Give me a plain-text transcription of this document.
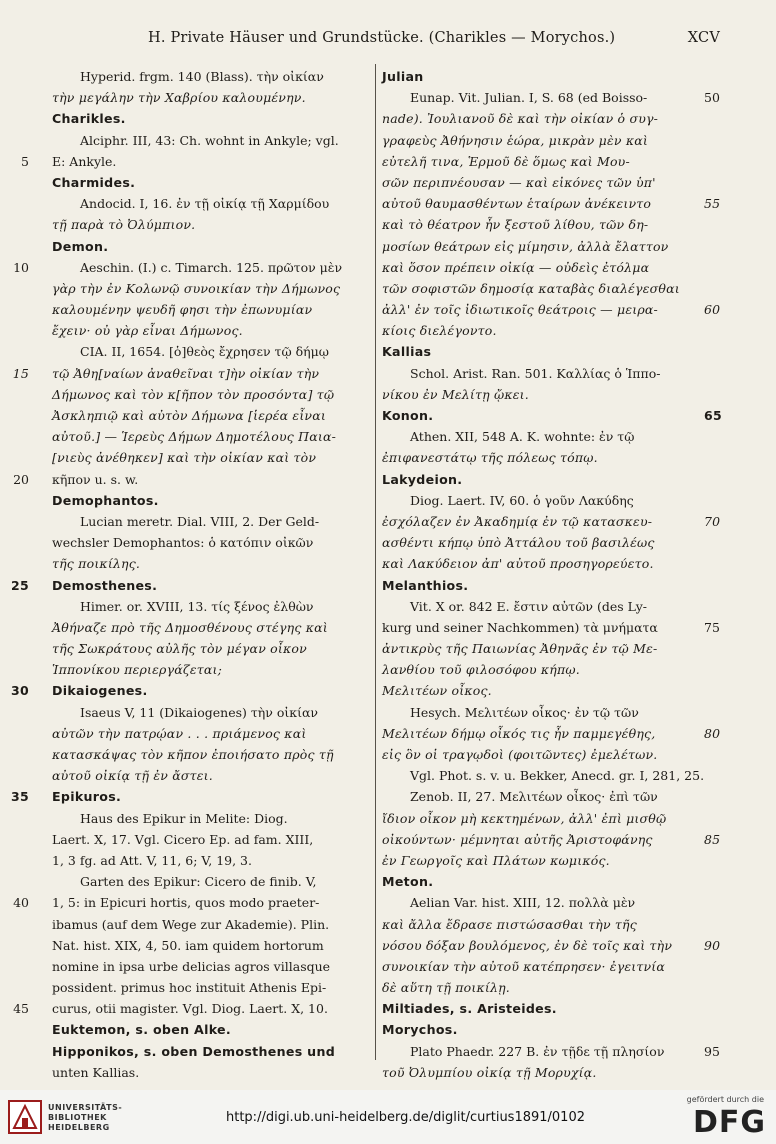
H. Private Häuser und Grundstücke. (Charikles — Morychos.)	XCV
Hyperid. frgm. 140 (Blass). τὴν οἰκίαν
τὴν μεγάλην τὴν Χαβρίου καλουμένην.
Charikles.
Alciphr. III, 43: Ch. wohnt in Ankyle; vgl.
E: Ankyle.
5
Charmides.
Andocid. I, 16. ἐν τῇ οἰκίᾳ τῇ Χαρμίδου
τῇ παρὰ τὸ Ὀλύμπιον.
Demon.
Aeschin. (I.) c. Timarch. 125. πρῶτον μὲν
10
γὰρ τὴν ἐν Κολωνῷ συνοικίαν τὴν Δήμωνος
καλουμένην ψευδῆ φησι τὴν ἐπωνυμίαν
ἔχειν· οὐ γὰρ εἶναι Δήμωνος.
CIA. II, 1654. [ὁ]θεὸς ἔχρησεν τῷ δήμῳ
τῷ Ἀθη[ναίων ἀναθεῖναι τ]ὴν οἰκίαν τὴν
15
Δήμωνος καὶ τὸν κ[ῆπον τὸν προσόντα] τῷ
Ἀσκληπιῷ καὶ αὐτὸν Δήμωνα [ἱερέα εἶναι
αὐτοῦ.] — Ἱερεὺς Δήμων Δημοτέλους Παια-
[νιεὺς ἀνέθηκεν] καὶ τὴν οἰκίαν καὶ τὸν
κῆπον u. s. w.
20
Demophantos.
Lucian meretr. Dial. VIII, 2. Der Geld-
wechsler Demophantos: ὁ κατόπιν οἰκῶν
τῆς ποικίλης.
Demosthenes.
25
Himer. or. XVIII, 13. τίς ξένος ἐλθὼν
Ἀθήναζε πρὸ τῆς Δημοσθένους στέγης καὶ
τῆς Σωκράτους αὐλῆς τὸν μέγαν οἶκον
Ἱππονίκου περιεργάζεται;
Dikaiogenes.
30
Isaeus V, 11 (Dikaiogenes) τὴν οἰκίαν
αὐτῶν τὴν πατρῴαν . . . πριάμενος καὶ
κατασκάψας τὸν κῆπον ἐποιήσατο πρὸς τῇ
αὐτοῦ οἰκίᾳ τῇ ἐν ἄστει.
Epikuros.
35
Haus des Epikur in Melite: Diog.
Laert. X, 17. Vgl. Cicero Ep. ad fam. XIII,
1, 3 fg. ad Att. V, 11, 6; V, 19, 3.
Garten des Epikur: Cicero de finib. V,
1, 5: in Epicuri hortis, quos modo praeter-
40
ibamus (auf dem Wege zur Akademie). Plin.
Nat. hist. XIX, 4, 50. iam quidem hortorum
nomine in ipsa urbe delicias agros villasque
possident. primus hoc instituit Athenis Epi-
curus, otii magister. Vgl. Diog. Laert. X, 10.
45
Euktemon, s. oben Alke.
Hipponikos, s. oben Demosthenes und
unten Kallias.
Julian
Eunap. Vit. Julian. I, S. 68 (ed Boisso-	50
nade). Ἰουλιανοῦ δὲ καὶ τὴν οἰκίαν ὁ συγ-
γραφεὺς Ἀθήνησιν ἑώρα, μικρὰν μὲν καὶ
εὐτελῆ τινα, Ἑρμοῦ δὲ ὅμως καὶ Μου-
σῶν περιπνέουσαν — καὶ εἰκόνες τῶν ὑπ'
αὐτοῦ θαυμασθέντων ἑταίρων ἀνέκειντο	55
καὶ τὸ θέατρον ἦν ξεστοῦ λίθου, τῶν δη-
μοσίων θεάτρων εἰς μίμησιν, ἀλλὰ ἔλαττον
καὶ ὅσον πρέπειν οἰκίᾳ — οὐδεὶς ἐτόλμα
τῶν σοφιστῶν δημοσίᾳ καταβὰς διαλέγεσθαι
ἀλλ' ἐν τοῖς ἰδιωτικοῖς θεάτροις — μειρα-	60
κίοις διελέγοντο.
Kallias
Schol. Arist. Ran. 501. Καλλίας ὁ Ἱππο-
νίκου ἐν Μελίτῃ ᾤκει.
Konon.	65
Athen. XII, 548 A. K. wohnte: ἐν τῷ
ἐπιφανεστάτῳ τῆς πόλεως τόπῳ.
Lakydeion.
Diog. Laert. IV, 60. ὁ γοῦν Λακύδης
ἐσχόλαζεν ἐν Ἀκαδημίᾳ ἐν τῷ κατασκευ-	70
ασθέντι κήπῳ ὑπὸ Ἀττάλου τοῦ βασιλέως
καὶ Λακύδειον ἀπ' αὐτοῦ προσηγορεύετο.
Melanthios.
Vit. X or. 842 E. ἔστιν αὐτῶν (des Ly-
kurg und seiner Nachkommen) τὰ μνήματα	75
ἀντικρὺς τῆς Παιωνίας Ἀθηνᾶς ἐν τῷ Με-
λανθίου τοῦ φιλοσόφου κήπῳ.
Μελιτέων οἶκος.
Hesych. Μελιτέων οἶκος· ἐν τῷ τῶν
Μελιτέων δήμῳ οἶκός τις ἦν παμμεγέθης,	80
εἰς ὃν οἱ τραγῳδοὶ (φοιτῶντες) ἐμελέτων.
Vgl. Phot. s. v. u. Bekker, Anecd. gr. I, 281, 25.
Zenob. II, 27. Μελιτέων οἶκος· ἐπὶ τῶν
ἴδιον οἶκον μὴ κεκτημένων, ἀλλ' ἐπὶ μισθῷ
οἰκούντων· μέμνηται αὐτῆς Ἀριστοφάνης	85
ἐν Γεωργοῖς καὶ Πλάτων κωμικός.
Meton.
Aelian Var. hist. XIII, 12. πολλὰ μὲν
καὶ ἄλλα ἔδρασε πιστώσασθαι τὴν τῆς
νόσου δόξαν βουλόμενος, ἐν δὲ τοῖς καὶ τὴν	90
συνοικίαν τὴν αὐτοῦ κατέπρησεν· ἐγειτνία
δὲ αὕτη τῇ ποικίλῃ.
Miltiades, s. Aristeides.
Morychos.
Plato Phaedr. 227 B. ἐν τῇδε τῇ πλησίον	95
τοῦ Ὀλυμπίου οἰκίᾳ τῇ Μορυχίᾳ.
UNIVERSITÄTS- BIBLIOTHEK HEIDELBERG
http://digi.ub.uni-heidelberg.de/diglit/curtius1891/0102
gefördert durch die
DFG
